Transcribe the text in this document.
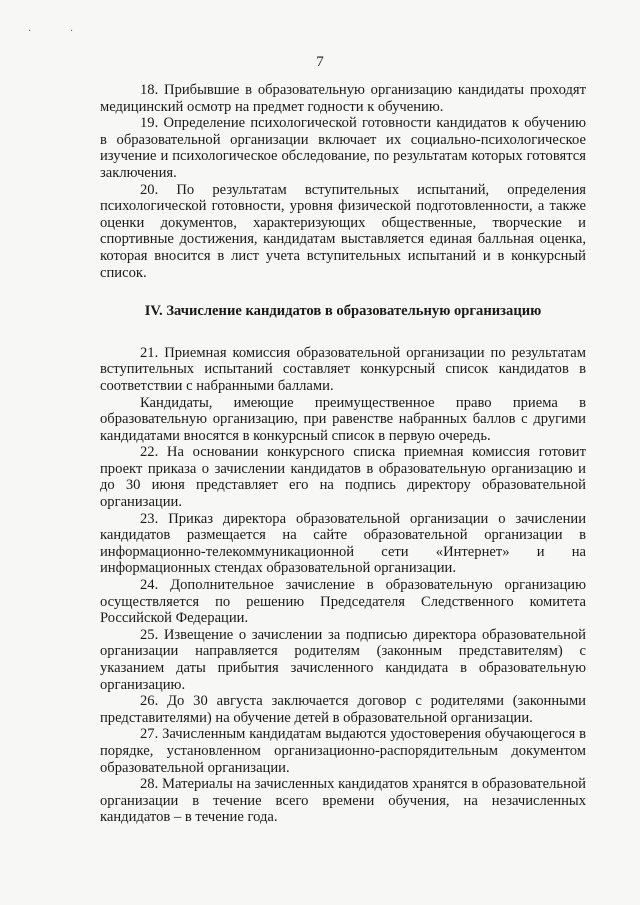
· ·
7

18. Прибывшие в образовательную организацию кандидаты проходят медицинский осмотр на предмет годности к обучению.

19. Определение психологической готовности кандидатов к обучению в образовательной организации включает их социально-психологическое изучение и психологическое обследование, по результатам которых готовятся заключения.

20. По результатам вступительных испытаний, определения психологической готовности, уровня физической подготовленности, а также оценки документов, характеризующих общественные, творческие и спортивные достижения, кандидатам выставляется единая балльная оценка, которая вносится в лист учета вступительных испытаний и в конкурсный список.

IV. Зачисление кандидатов в образовательную организацию

21. Приемная комиссия образовательной организации по результатам вступительных испытаний составляет конкурсный список кандидатов в соответствии с набранными баллами.

Кандидаты, имеющие преимущественное право приема в образовательную организацию, при равенстве набранных баллов с другими кандидатами вносятся в конкурсный список в первую очередь.

22. На основании конкурсного списка приемная комиссия готовит проект приказа о зачислении кандидатов в образовательную организацию и до 30 июня представляет его на подпись директору образовательной организации.

23. Приказ директора образовательной организации о зачислении кандидатов размещается на сайте образовательной организации в информационно-телекоммуникационной сети «Интернет» и на информационных стендах образовательной организации.

24. Дополнительное зачисление в образовательную организацию осуществляется по решению Председателя Следственного комитета Российской Федерации.

25. Извещение о зачислении за подписью директора образовательной организации направляется родителям (законным представителям) с указанием даты прибытия зачисленного кандидата в образовательную организацию.

26. До 30 августа заключается договор с родителями (законными представителями) на обучение детей в образовательной организации.

27. Зачисленным кандидатам выдаются удостоверения обучающегося в порядке, установленном организационно-распорядительным документом образовательной организации.

28. Материалы на зачисленных кандидатов хранятся в образовательной организации в течение всего времени обучения, на незачисленных кандидатов – в течение года.
